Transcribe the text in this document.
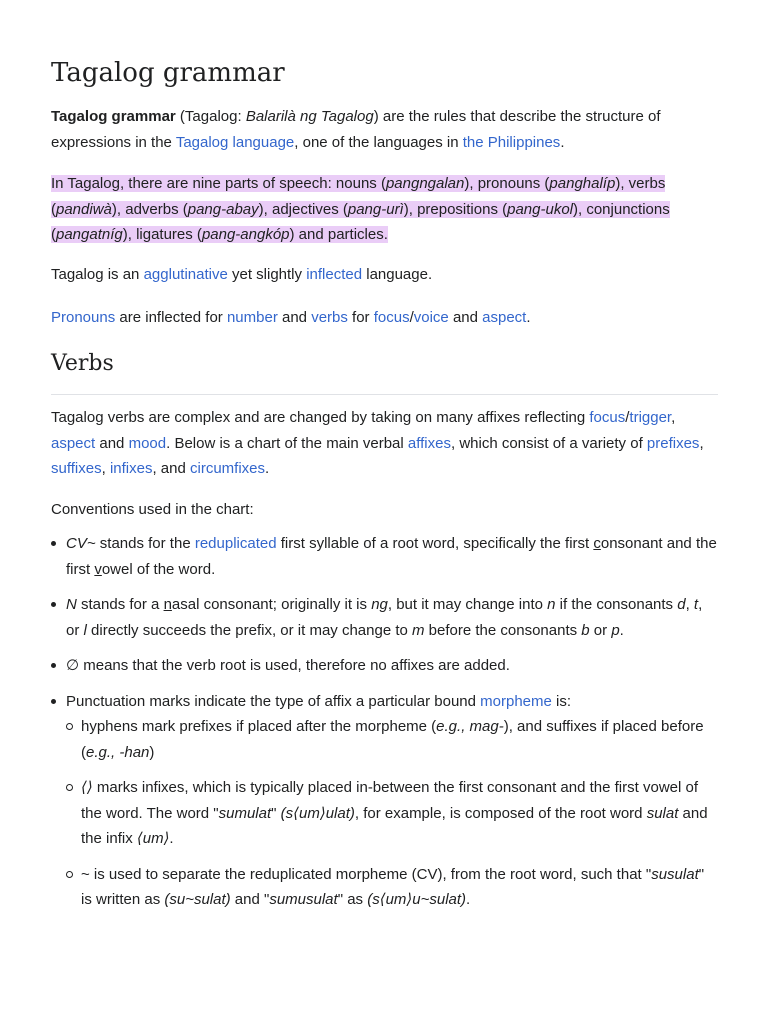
Tagalog grammar

Tagalog grammar (Tagalog: Balarilà ng Tagalog) are the rules that describe the structure of expressions in the Tagalog language, one of the languages in the Philippines.

In Tagalog, there are nine parts of speech: nouns (pangngalan), pronouns (panghalíp), verbs (pandiwà), adverbs (pang-abay), adjectives (pang-urì), prepositions (pang-ukol), conjunctions (pangatníg), ligatures (pang-angkóp) and particles.

Tagalog is an agglutinative yet slightly inflected language.

Pronouns are inflected for number and verbs for focus/voice and aspect.

Verbs

Tagalog verbs are complex and are changed by taking on many affixes reflecting focus/trigger, aspect and mood. Below is a chart of the main verbal affixes, which consist of a variety of prefixes, suffixes, infixes, and circumfixes.

Conventions used in the chart:

CV~ stands for the reduplicated first syllable of a root word, specifically the first consonant and the first vowel of the word.
N stands for a nasal consonant; originally it is ng, but it may change into n if the consonants d, t, or l directly succeeds the prefix, or it may change to m before the consonants b or p.
∅ means that the verb root is used, therefore no affixes are added.
Punctuation marks indicate the type of affix a particular bound morpheme is:
hyphens mark prefixes if placed after the morpheme (e.g., mag-), and suffixes if placed before (e.g., -han)
⟨⟩ marks infixes, which is typically placed in-between the first consonant and the first vowel of the word. The word "sumulat" (s⟨um⟩ulat), for example, is composed of the root word sulat and the infix ⟨um⟩.
~ is used to separate the reduplicated morpheme (CV), from the root word, such that "susulat" is written as (su~sulat) and "sumusulat" as (s⟨um⟩u~sulat).
